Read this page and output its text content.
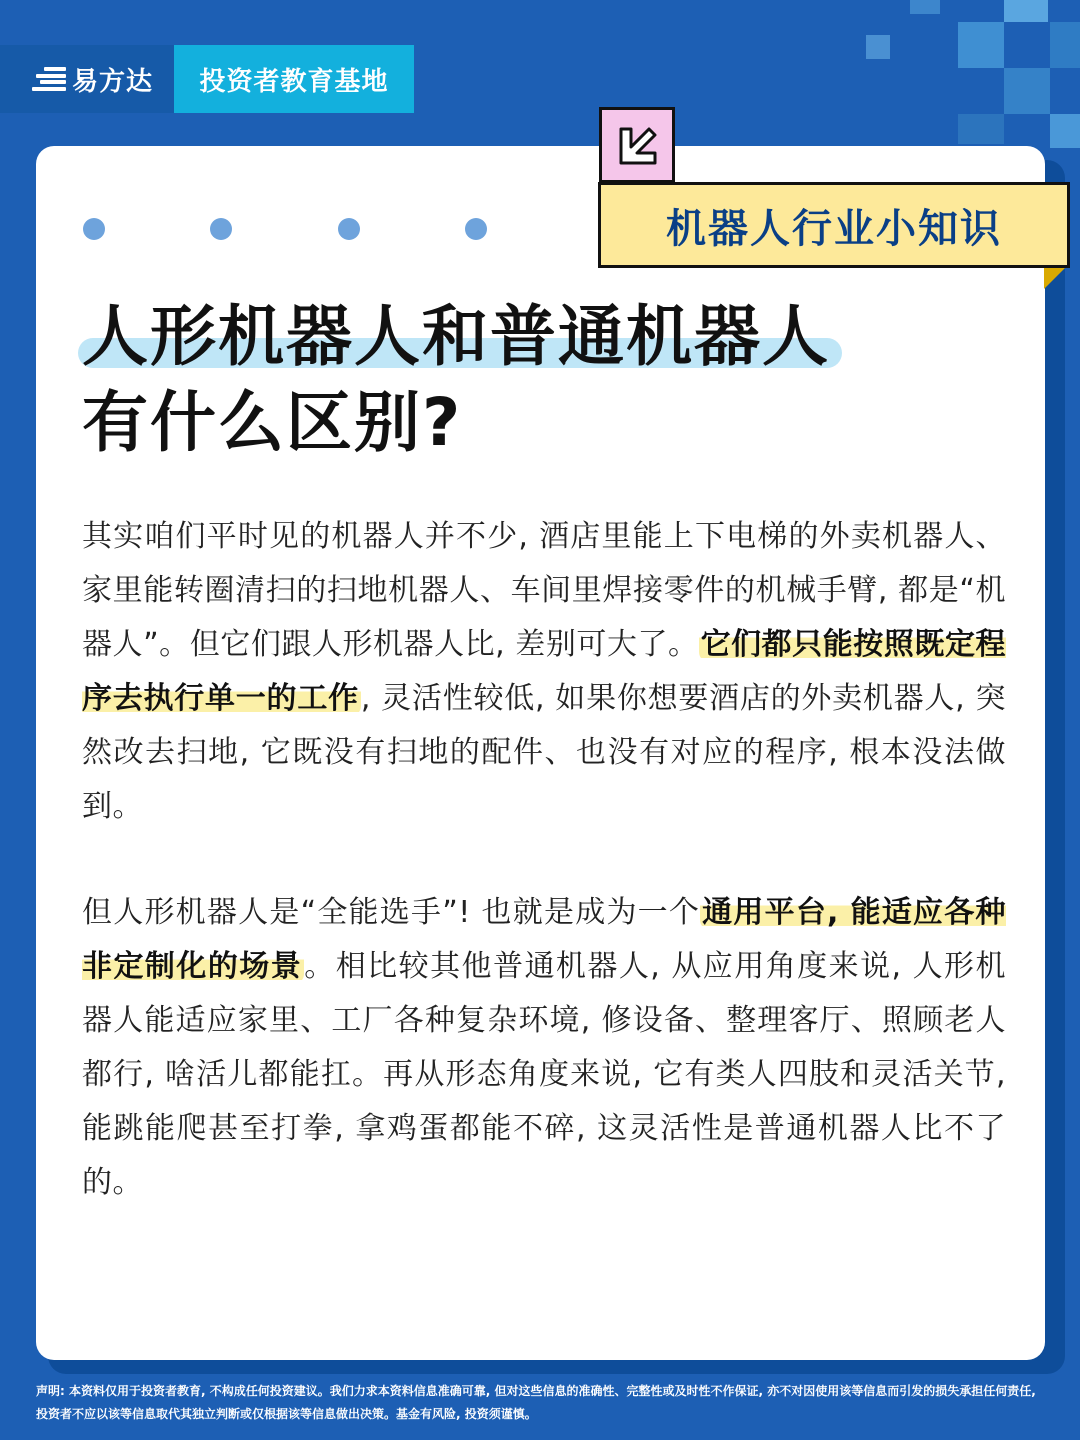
易方达	投资者教育基地
机器人行业小知识
人形机器人和普通机器人
有什么区别?
其实咱们平时见的机器人并不少, 酒店里能上下电梯的外卖机器人、家里能转圈清扫的扫地机器人、车间里焊接零件的机械手臂, 都是“机器人”。但它们跟人形机器人比, 差别可大了。它们都只能按照既定程序去执行单一的工作, 灵活性较低, 如果你想要酒店的外卖机器人, 突然改去扫地, 它既没有扫地的配件、也没有对应的程序, 根本没法做到。
但人形机器人是“全能选手”! 也就是成为一个通用平台, 能适应各种非定制化的场景。相比较其他普通机器人, 从应用角度来说, 人形机器人能适应家里、工厂各种复杂环境, 修设备、整理客厅、照顾老人都行, 啥活儿都能扛。再从形态角度来说, 它有类人四肢和灵活关节, 能跳能爬甚至打拳, 拿鸡蛋都能不碎, 这灵活性是普通机器人比不了的。
声明: 本资料仅用于投资者教育, 不构成任何投资建议。我们力求本资料信息准确可靠, 但对这些信息的准确性、完整性或及时性不作保证, 亦不对因使用该等信息而引发的损失承担任何责任, 投资者不应以该等信息取代其独立判断或仅根据该等信息做出决策。基金有风险, 投资须谨慎。
